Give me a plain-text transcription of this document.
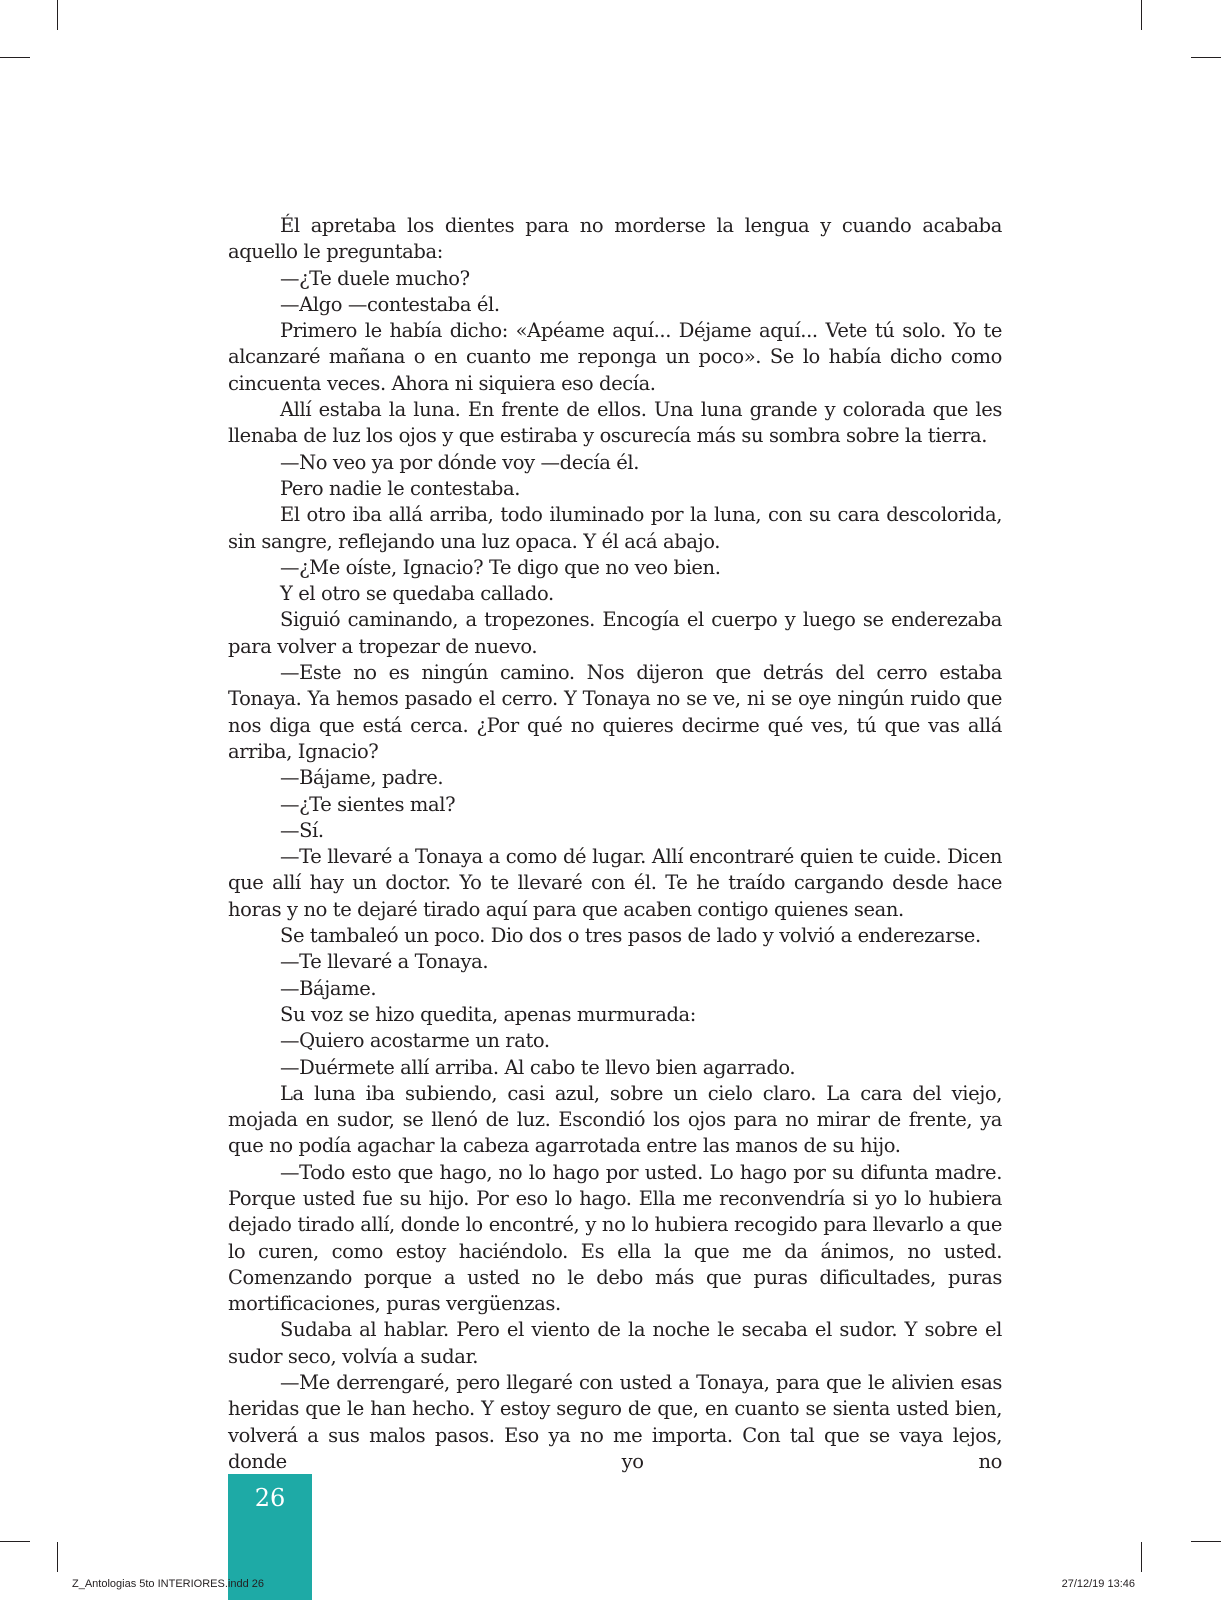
Él apretaba los dientes para no morderse la lengua y cuando acababa aquello le preguntaba:

—¿Te duele mucho?

—Algo —contestaba él.

Primero le había dicho: «Apéame aquí... Déjame aquí... Vete tú solo. Yo te alcanzaré mañana o en cuanto me reponga un poco». Se lo había dicho como cincuenta veces. Ahora ni siquiera eso decía.

Allí estaba la luna. En frente de ellos. Una luna grande y colorada que les llenaba de luz los ojos y que estiraba y oscurecía más su sombra sobre la tierra.

—No veo ya por dónde voy —decía él.

Pero nadie le contestaba.

El otro iba allá arriba, todo iluminado por la luna, con su cara descolorida, sin sangre, reflejando una luz opaca. Y él acá abajo.

—¿Me oíste, Ignacio? Te digo que no veo bien.

Y el otro se quedaba callado.

Siguió caminando, a tropezones. Encogía el cuerpo y luego se enderezaba para volver a tropezar de nuevo.

—Este no es ningún camino. Nos dijeron que detrás del cerro estaba Tonaya. Ya hemos pasado el cerro. Y Tonaya no se ve, ni se oye ningún ruido que nos diga que está cerca. ¿Por qué no quieres decirme qué ves, tú que vas allá arriba, Ignacio?

—Bájame, padre.

—¿Te sientes mal?

—Sí.

—Te llevaré a Tonaya a como dé lugar. Allí encontraré quien te cuide. Dicen que allí hay un doctor. Yo te llevaré con él. Te he traído cargando desde hace horas y no te dejaré tirado aquí para que acaben contigo quienes sean.

Se tambaleó un poco. Dio dos o tres pasos de lado y volvió a enderezarse.

—Te llevaré a Tonaya.

—Bájame.

Su voz se hizo quedita, apenas murmurada:

—Quiero acostarme un rato.

—Duérmete allí arriba. Al cabo te llevo bien agarrado.

La luna iba subiendo, casi azul, sobre un cielo claro. La cara del viejo, mojada en sudor, se llenó de luz. Escondió los ojos para no mirar de frente, ya que no podía agachar la cabeza agarrotada entre las manos de su hijo.

—Todo esto que hago, no lo hago por usted. Lo hago por su difunta madre. Porque usted fue su hijo. Por eso lo hago. Ella me reconvendría si yo lo hubiera dejado tirado allí, donde lo encontré, y no lo hubiera recogido para llevarlo a que lo curen, como estoy haciéndolo. Es ella la que me da ánimos, no usted. Comenzando porque a usted no le debo más que puras dificultades, puras mortificaciones, puras vergüenzas.

Sudaba al hablar. Pero el viento de la noche le secaba el sudor. Y sobre el sudor seco, volvía a sudar.

—Me derrengaré, pero llegaré con usted a Tonaya, para que le alivien esas heridas que le han hecho. Y estoy seguro de que, en cuanto se sienta usted bien, volverá a sus malos pasos. Eso ya no me importa. Con tal que se vaya lejos, donde yo no

26
Z_Antologias 5to INTERIORES.indd 26	27/12/19 13:46
